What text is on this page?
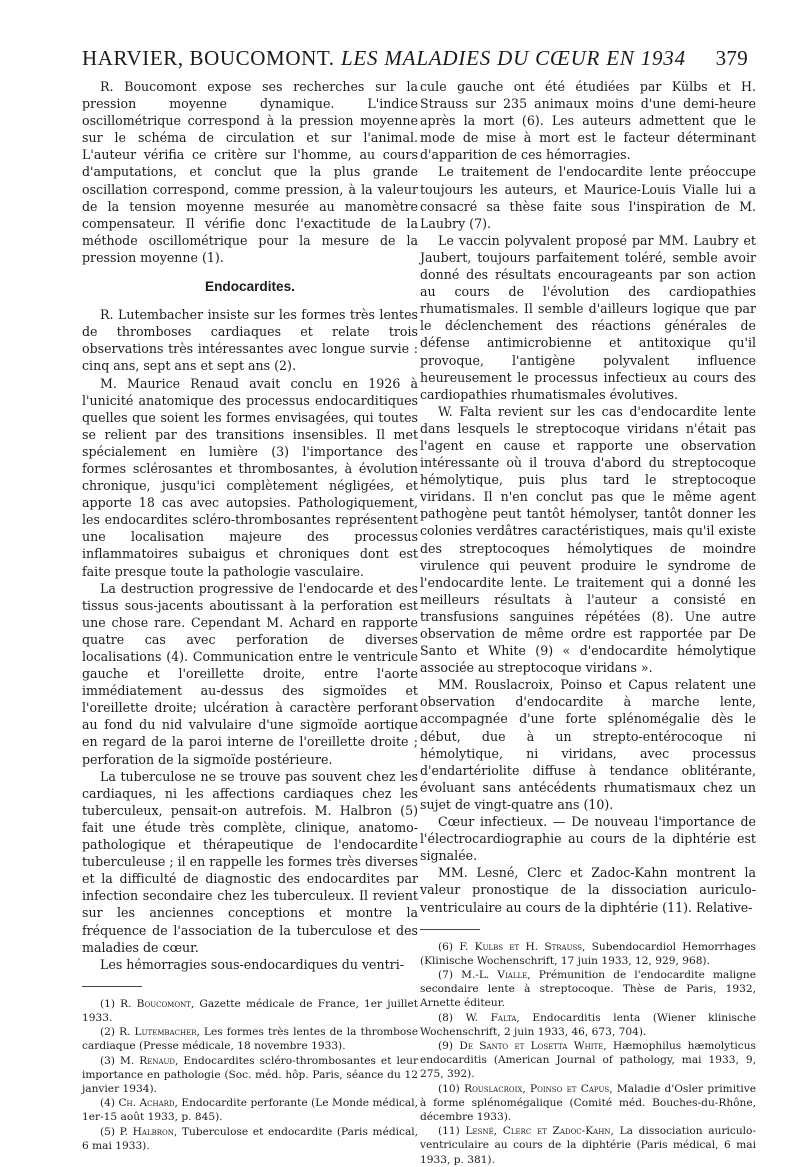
HARVIER, BOUCOMONT. LES MALADIES DU CŒUR EN 1934 379

R. Boucomont expose ses recherches sur la pression moyenne dynamique. L'indice oscillométrique correspond à la pression moyenne sur le schéma de circulation et sur l'animal. L'auteur vérifia ce critère sur l'homme, au cours d'amputations, et conclut que la plus grande oscillation correspond, comme pression, à la valeur de la tension moyenne mesurée au manomètre compensateur. Il vérifie donc l'exactitude de la méthode oscillométrique pour la mesure de la pression moyenne (1).

Endocardites.

R. Lutembacher insiste sur les formes très lentes de thromboses cardiaques et relate trois observations très intéressantes avec longue survie : cinq ans, sept ans et sept ans (2).

M. Maurice Renaud avait conclu en 1926 à l'unicité anatomique des processus endocarditiques quelles que soient les formes envisagées, qui toutes se relient par des transitions insensibles. Il met spécialement en lumière (3) l'importance des formes sclérosantes et thrombosantes, à évolution chronique, jusqu'ici complètement négligées, et apporte 18 cas avec autopsies. Pathologiquement, les endocardites scléro-thrombosantes représentent une localisation majeure des processus inflammatoires subaigus et chroniques dont est faite presque toute la pathologie vasculaire.

La destruction progressive de l'endocarde et des tissus sous-jacents aboutissant à la perforation est une chose rare. Cependant M. Achard en rapporte quatre cas avec perforation de diverses localisations (4). Communication entre le ventricule gauche et l'oreillette droite, entre l'aorte immédiatement au-dessus des sigmoïdes et l'oreillette droite; ulcération à caractère perforant au fond du nid valvulaire d'une sigmoïde aortique en regard de la paroi interne de l'oreillette droite ; perforation de la sigmoïde postérieure.

La tuberculose ne se trouve pas souvent chez les cardiaques, ni les affections cardiaques chez les tuberculeux, pensait-on autrefois. M. Halbron (5) fait une étude très complète, clinique, anatomo-pathologique et thérapeutique de l'endocardite tuberculeuse ; il en rappelle les formes très diverses et la difficulté de diagnostic des endocardites par infection secondaire chez les tuberculeux. Il revient sur les anciennes conceptions et montre la fréquence de l'association de la tuberculose et des maladies de cœur.

Les hémorragies sous-endocardiques du ventri-

(1) R. Boucomont, Gazette médicale de France, 1er juillet 1933.

(2) R. Lutembacher, Les formes très lentes de la thrombose cardiaque (Presse médicale, 18 novembre 1933).

(3) M. Renaud, Endocardites scléro-thrombosantes et leur importance en pathologie (Soc. méd. hôp. Paris, séance du 12 janvier 1934).

(4) Ch. Achard, Endocardite perforante (Le Monde médical, 1er-15 août 1933, p. 845).

(5) P. Halbron, Tuberculose et endocardite (Paris médical, 6 mai 1933).

cule gauche ont été étudiées par Külbs et H. Strauss sur 235 animaux moins d'une demi-heure après la mort (6). Les auteurs admettent que le mode de mise à mort est le facteur déterminant d'apparition de ces hémorragies.

Le traitement de l'endocardite lente préoccupe toujours les auteurs, et Maurice-Louis Vialle lui a consacré sa thèse faite sous l'inspiration de M. Laubry (7).

Le vaccin polyvalent proposé par MM. Laubry et Jaubert, toujours parfaitement toléré, semble avoir donné des résultats encourageants par son action au cours de l'évolution des cardiopathies rhumatismales. Il semble d'ailleurs logique que par le déclenchement des réactions générales de défense antimicrobienne et antitoxique qu'il provoque, l'antigène polyvalent influence heureusement le processus infectieux au cours des cardiopathies rhumatismales évolutives.

W. Falta revient sur les cas d'endocardite lente dans lesquels le streptocoque viridans n'était pas l'agent en cause et rapporte une observation intéressante où il trouva d'abord du streptocoque hémolytique, puis plus tard le streptocoque viridans. Il n'en conclut pas que le même agent pathogène peut tantôt hémolyser, tantôt donner les colonies verdâtres caractéristiques, mais qu'il existe des streptocoques hémolytiques de moindre virulence qui peuvent produire le syndrome de l'endocardite lente. Le traitement qui a donné les meilleurs résultats à l'auteur a consisté en transfusions sanguines répétées (8). Une autre observation de même ordre est rapportée par De Santo et White (9) « d'endocardite hémolytique associée au streptocoque viridans ».

MM. Rouslacroix, Poinso et Capus relatent une observation d'endocardite à marche lente, accompagnée d'une forte splénomégalie dès le début, due à un strepto-entérocoque ni hémolytique, ni viridans, avec processus d'endartériolite diffuse à tendance oblitérante, évoluant sans antécédents rhumatismaux chez un sujet de vingt-quatre ans (10).

Cœur infectieux. — De nouveau l'importance de l'électrocardiographie au cours de la diphtérie est signalée.

MM. Lesné, Clerc et Zadoc-Kahn montrent la valeur pronostique de la dissociation auriculo-ventriculaire au cours de la diphtérie (11). Relative-

(6) F. Kulbs et H. Strauss, Subendocardiol Hemorrhages (Klinische Wochenschrift, 17 juin 1933, 12, 929, 968).

(7) M.-L. Vialle, Prémunition de l'endocardite maligne secondaire lente à streptocoque. Thèse de Paris, 1932, Arnette éditeur.

(8) W. Falta, Endocarditis lenta (Wiener klinische Wochenschrift, 2 juin 1933, 46, 673, 704).

(9) De Santo et Losetta White, Hæmophilus hæmolyticus endocarditis (American Journal of pathology, mai 1933, 9, 275, 392).

(10) Rouslacroix, Poinso et Capus, Maladie d'Osler primitive à forme splénomégalique (Comité méd. Bouches-du-Rhône, décembre 1933).

(11) Lesné, Clerc et Zadoc-Kahn, La dissociation auriculo-ventriculaire au cours de la diphtérie (Paris médical, 6 mai 1933, p. 381).
